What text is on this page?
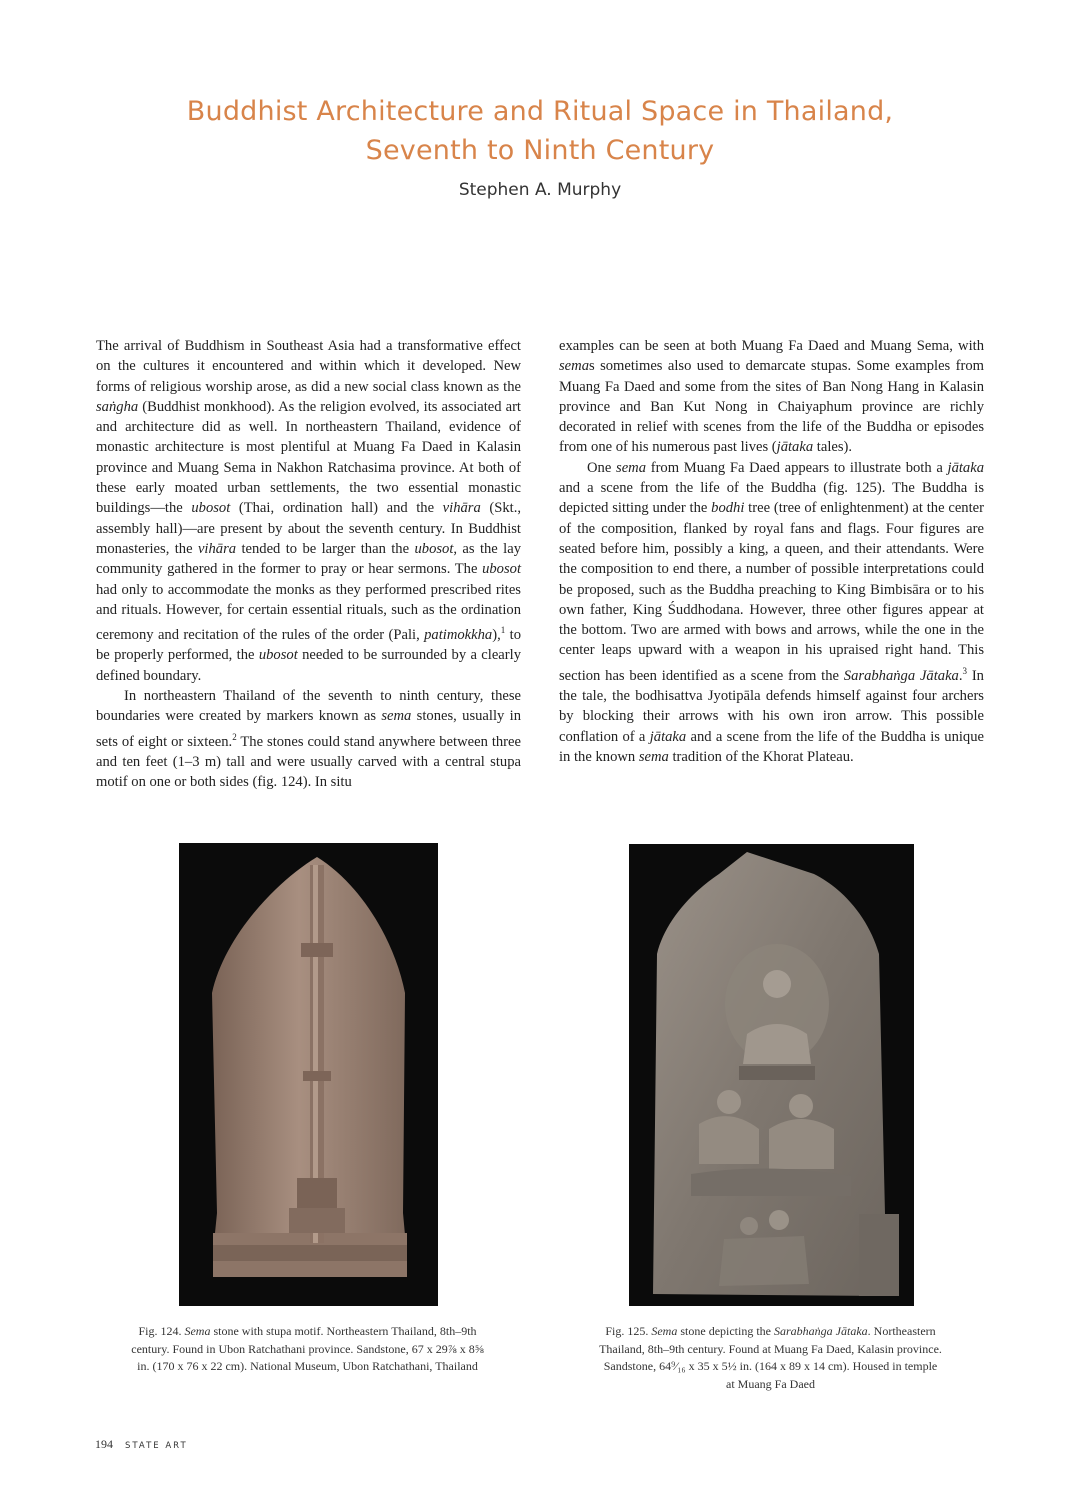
Buddhist Architecture and Ritual Space in Thailand,
Seventh to Ninth Century
Stephen A. Murphy

The arrival of Buddhism in Southeast Asia had a transformative effect on the cultures it encountered and within which it developed. New forms of religious worship arose, as did a new social class known as the saṅgha (Buddhist monkhood). As the religion evolved, its associated art and architecture did as well. In northeastern Thailand, evidence of monastic architecture is most plentiful at Muang Fa Daed in Kalasin province and Muang Sema in Nakhon Ratchasima province. At both of these early moated urban settlements, the two essential monastic buildings—the ubosot (Thai, ordination hall) and the vihāra (Skt., assembly hall)—are present by about the seventh century. In Buddhist monasteries, the vihāra tended to be larger than the ubosot, as the lay community gathered in the former to pray or hear sermons. The ubosot had only to accommodate the monks as they performed prescribed rites and rituals. However, for certain essential rituals, such as the ordination ceremony and recitation of the rules of the order (Pali, patimokkha),$^1$ to be properly performed, the ubosot needed to be surrounded by a clearly defined boundary.

In northeastern Thailand of the seventh to ninth century, these boundaries were created by markers known as sema stones, usually in sets of eight or sixteen.$^2$ The stones could stand anywhere between three and ten feet (1–3 m) tall and were usually carved with a central stupa motif on one or both sides (fig. 124). In situ

examples can be seen at both Muang Fa Daed and Muang Sema, with semas sometimes also used to demarcate stupas. Some examples from Muang Fa Daed and some from the sites of Ban Nong Hang in Kalasin province and Ban Kut Nong in Chaiyaphum province are richly decorated in relief with scenes from the life of the Buddha or episodes from one of his numerous past lives (jātaka tales).

One sema from Muang Fa Daed appears to illustrate both a jātaka and a scene from the life of the Buddha (fig. 125). The Buddha is depicted sitting under the bodhi tree (tree of enlightenment) at the center of the composition, flanked by royal fans and flags. Four figures are seated before him, possibly a king, a queen, and their attendants. Were the composition to end there, a number of possible interpretations could be proposed, such as the Buddha preaching to King Bimbisāra or to his own father, King Śuddhodana. However, three other figures appear at the bottom. Two are armed with bows and arrows, while the one in the center leaps upward with a weapon in his upraised right hand. This section has been identified as a scene from the Sarabhaṅga Jātaka.$^3$ In the tale, the bodhisattva Jyotipāla defends himself against four archers by blocking their arrows with his own iron arrow. This possible conflation of a jātaka and a scene from the life of the Buddha is unique in the known sema tradition of the Khorat Plateau.

Fig. 124. Sema stone with stupa motif. Northeastern Thailand, 8th–9th century. Found in Ubon Ratchathani province. Sandstone, 67 x 29⅞ x 8⅝ in. (170 x 76 x 22 cm). National Museum, Ubon Ratchathani, Thailand

Fig. 125. Sema stone depicting the Sarabhaṅga Jātaka. Northeastern Thailand, 8th–9th century. Found at Muang Fa Daed, Kalasin province. Sandstone, 64⁹⁄₁₆ x 35 x 5½ in. (164 x 89 x 14 cm). Housed in temple at Muang Fa Daed

194 STATE ART
